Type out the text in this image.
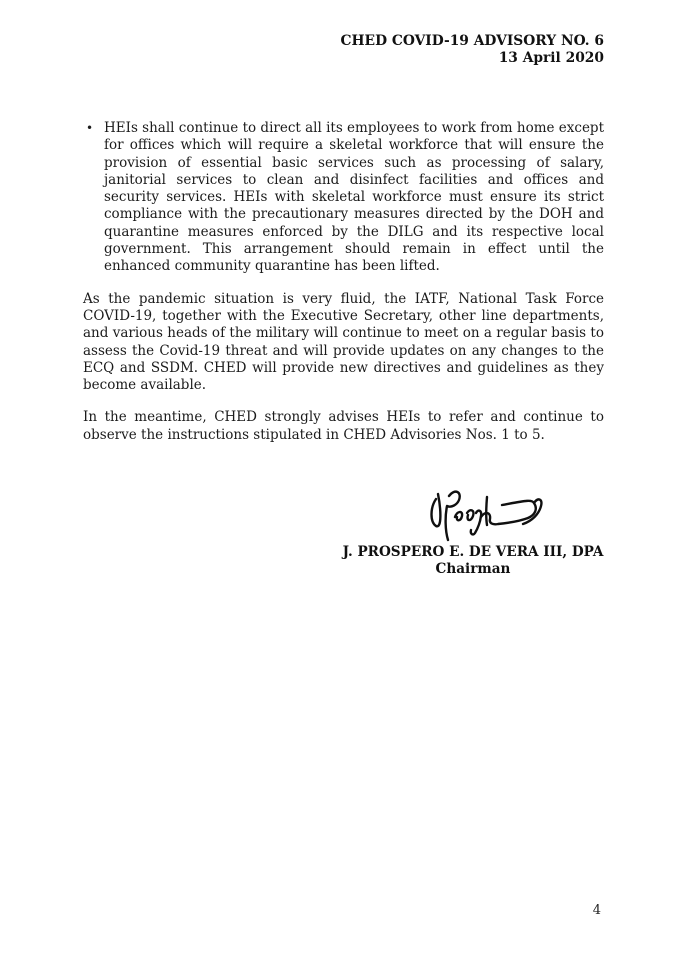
CHED COVID-19 ADVISORY NO. 6
13 April 2020
• HEIs shall continue to direct all its employees to work from home except for offices which will require a skeletal workforce that will ensure the provision of essential basic services such as processing of salary, janitorial services to clean and disinfect facilities and offices and security services. HEIs with skeletal workforce must ensure its strict compliance with the precautionary measures directed by the DOH and quarantine measures enforced by the DILG and its respective local government. This arrangement should remain in effect until the enhanced community quarantine has been lifted.

As the pandemic situation is very fluid, the IATF, National Task Force COVID-19, together with the Executive Secretary, other line departments, and various heads of the military will continue to meet on a regular basis to assess the Covid-19 threat and will provide updates on any changes to the ECQ and SSDM. CHED will provide new directives and guidelines as they become available.

In the meantime, CHED strongly advises HEIs to refer and continue to observe the instructions stipulated in CHED Advisories Nos. 1 to 5.

J. PROSPERO E. DE VERA III, DPA
Chairman
4
